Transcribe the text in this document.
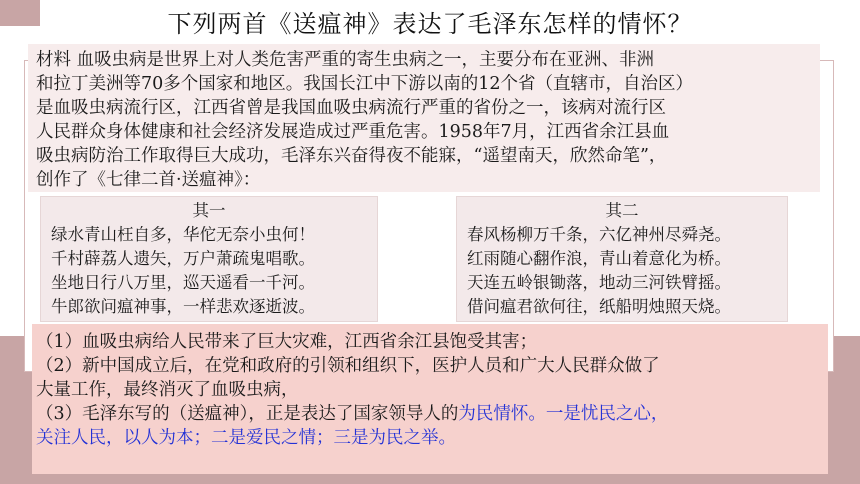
下列两首《送瘟神》表达了毛泽东怎样的情怀？

材料 血吸虫病是世界上对人类危害严重的寄生虫病之一，主要分布在亚洲、非洲

和拉丁美洲等70多个国家和地区。我国长江中下游以南的12个省（直辖市，自治区）

是血吸虫病流行区，江西省曾是我国血吸虫病流行严重的省份之一，该病对流行区

人民群众身体健康和社会经济发展造成过严重危害。1958年7月，江西省余江县血

吸虫病防治工作取得巨大成功，毛泽东兴奋得夜不能寐，“遥望南天，欣然命笔”，

创作了《七律二首·送瘟神》：

其一

绿水青山枉自多，华佗无奈小虫何！

千村薜荔人遗矢，万户萧疏鬼唱歌。

坐地日行八万里，巡天遥看一千河。

牛郎欲问瘟神事，一样悲欢逐逝波。

其二

春风杨柳万千条，六亿神州尽舜尧。

红雨随心翻作浪，青山着意化为桥。

天连五岭银锄落，地动三河铁臂摇。

借问瘟君欲何往，纸船明烛照天烧。

（1）血吸虫病给人民带来了巨大灾难，江西省余江县饱受其害；

（2）新中国成立后，在党和政府的引领和组织下，医护人员和广大人民群众做了

大量工作，最终消灭了血吸虫病，

（3）毛泽东写的（送瘟神），正是表达了国家领导人的为民情怀。一是忧民之心，

关注人民，以人为本；二是爱民之情；三是为民之举。
